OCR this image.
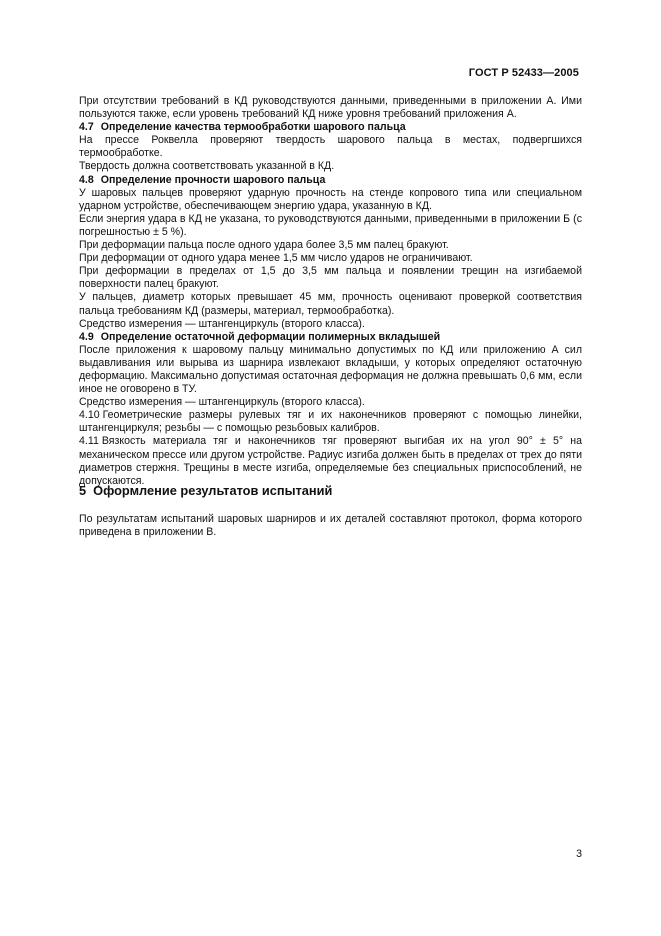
ГОСТ Р 52433—2005

При отсутствии требований в КД руководствуются данными, приведенными в приложении А. Ими пользуются также, если уровень требований КД ниже уровня требований приложения А.

4.7 Определение качества термообработки шарового пальца

На прессе Роквелла проверяют твердость шарового пальца в местах, подвергшихся термообработке.

Твердость должна соответствовать указанной в КД.

4.8 Определение прочности шарового пальца

У шаровых пальцев проверяют ударную прочность на стенде копрового типа или специальном ударном устройстве, обеспечивающем энергию удара, указанную в КД.

Если энергия удара в КД не указана, то руководствуются данными, приведенными в приложении Б (с погрешностью ± 5 %).

При деформации пальца после одного удара более 3,5 мм палец бракуют.

При деформации от одного удара менее 1,5 мм число ударов не ограничивают.

При деформации в пределах от 1,5 до 3,5 мм пальца и появлении трещин на изгибаемой поверхности палец бракуют.

У пальцев, диаметр которых превышает 45 мм, прочность оценивают проверкой соответствия пальца требованиям КД (размеры, материал, термообработка).

Средство измерения — штангенциркуль (второго класса).

4.9 Определение остаточной деформации полимерных вкладышей

После приложения к шаровому пальцу минимально допустимых по КД или приложению А сил выдавливания или вырыва из шарнира извлекают вкладыши, у которых определяют остаточную деформацию. Максимально допустимая остаточная деформация не должна превышать 0,6 мм, если иное не оговорено в ТУ.

Средство измерения — штангенциркуль (второго класса).

4.10 Геометрические размеры рулевых тяг и их наконечников проверяют с помощью линейки, штангенциркуля; резьбы — с помощью резьбовых калибров.

4.11 Вязкость материала тяг и наконечников тяг проверяют выгибая их на угол 90° ± 5° на механическом прессе или другом устройстве. Радиус изгиба должен быть в пределах от трех до пяти диаметров стержня. Трещины в месте изгиба, определяемые без специальных приспособлений, не допускаются.

5 Оформление результатов испытаний

По результатам испытаний шаровых шарниров и их деталей составляют протокол, форма которого приведена в приложении В.

3
